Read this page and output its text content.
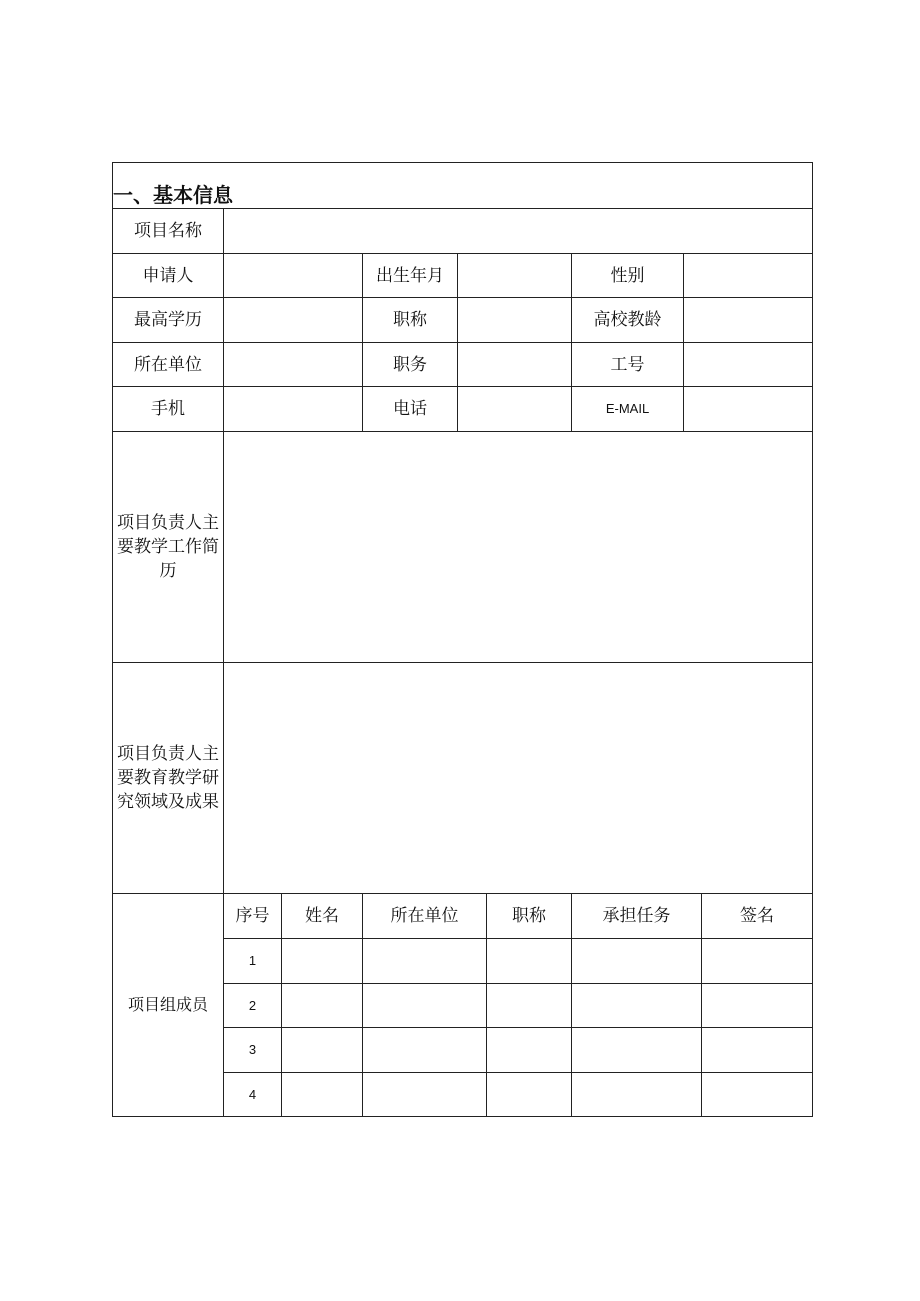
一、基本信息
项目名称
申请人	出生年月	性别
最高学历	职称	高校教龄
所在单位	职务	工号
手机	电话	E-MAIL
项目负责人主要教学工作简历
项目负责人主要教育教学研究领域及成果
项目组成员
序号	姓名	所在单位	职称	承担任务	签名
1
2
3
4
